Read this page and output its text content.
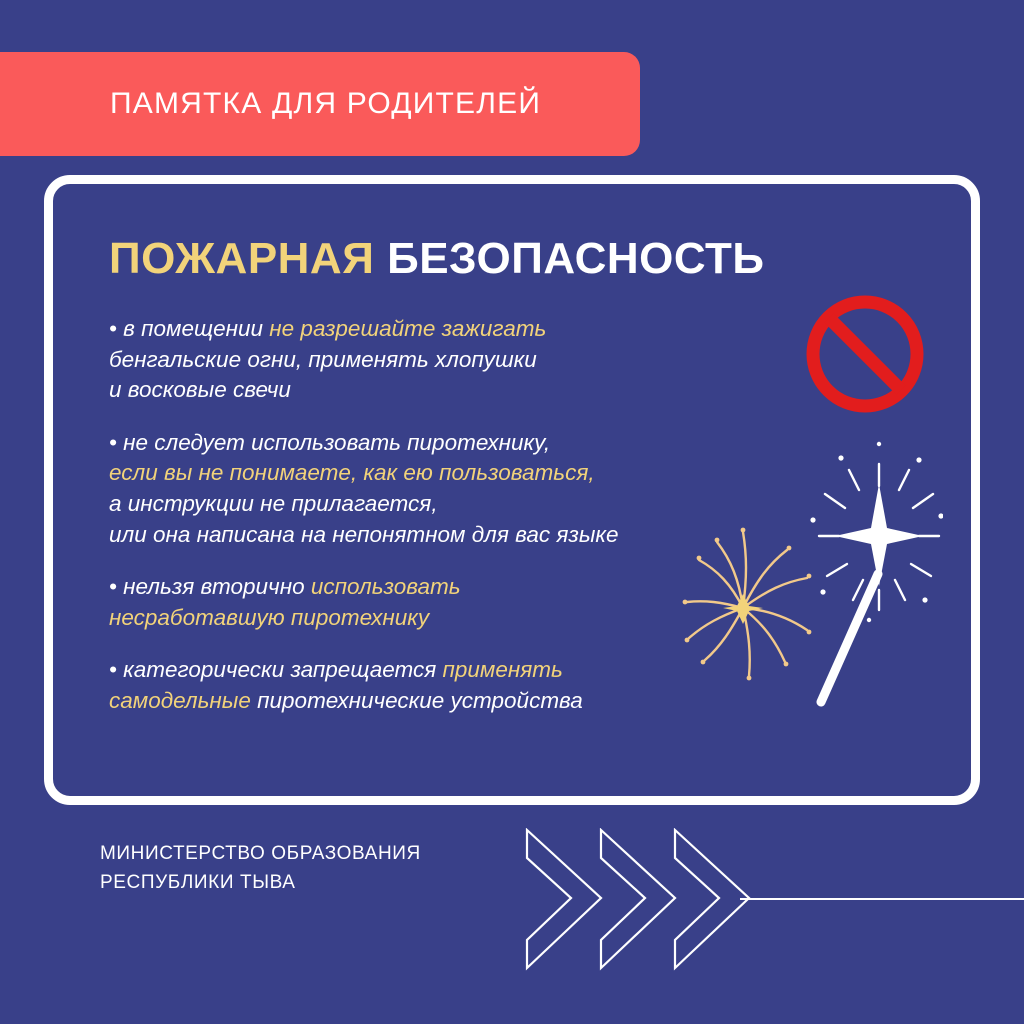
ПАМЯТКА ДЛЯ РОДИТЕЛЕЙ
ПОЖАРНАЯ БЕЗОПАСНОСТЬ
• в помещении не разрешайте зажигать
бенгальские огни, применять хлопушки
и восковые свечи
• не следует использовать пиротехнику,
если вы не понимаете, как ею пользоваться,
а инструкции не прилагается,
или она написана на непонятном для вас языке
• нельзя вторично использовать
несработавшую пиротехнику
• категорически запрещается применять
самодельные пиротехнические устройства
МИНИСТЕРСТВО ОБРАЗОВАНИЯ
РЕСПУБЛИКИ ТЫВА
